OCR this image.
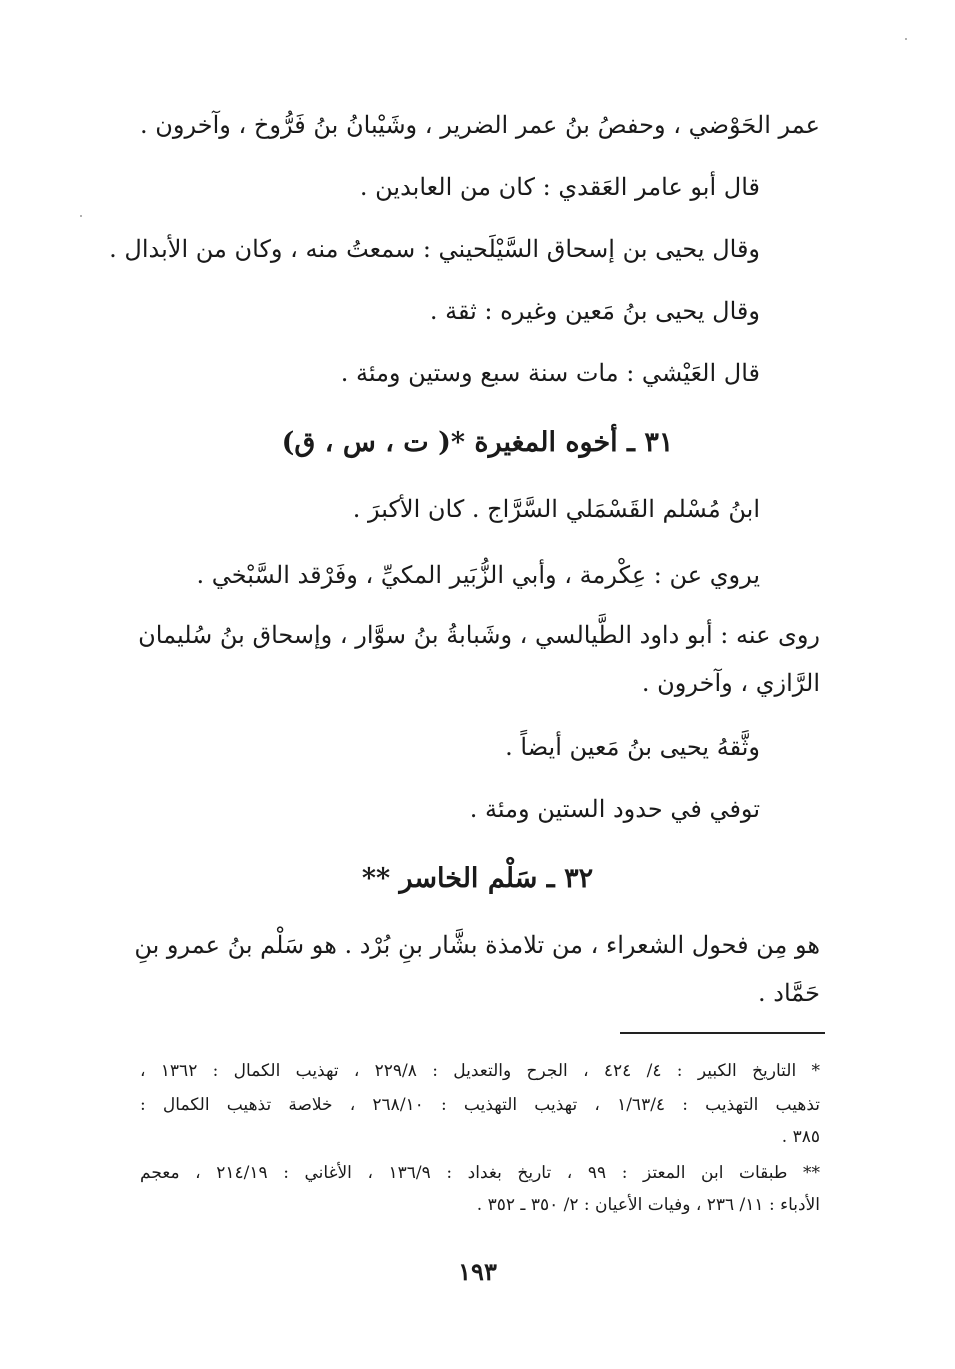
عمر الحَوْضي ، وحفصُ بنُ عمر الضرير ، وشَيْبانُ بنُ فَرُّوخ ، وآخرون .

قال أبو عامر العَقدي : كان من العابدين .

وقال يحيى بن إسحاق السَّيْلَحيني : سمعتُ منه ، وكان من الأبدال .

وقال يحيى بنُ مَعين وغيره : ثقة .

قال العَيْشي : مات سنة سبع وستين ومئة .

٣١ ـ أخوه المغيرة *( ت ، س ، ق)

ابنُ مُسْلم القَسْمَلي السَّرَّاج . كان الأكبرَ .

يروي عن : عِكْرمة ، وأبي الزُّبَير المكيِّ ، وفَرْقد السَّبْخي .

روى عنه : أبو داود الطَّيالسي ، وشَبابةُ بنُ سوَّار ، وإسحاق بنُ سُليمان

الرَّازي ، وآخرون .

وثَّقهُ يحيى بنُ مَعين أيضاً .

توفي في حدود الستين ومئة .

٣٢ ـ سَلْم الخاسر **

هو مِن فحول الشعراء ، من تلامذة بشَّار بنِ بُرْد . هو سَلْم بنُ عمرو بنِ

حَمَّاد .

* التاريخ الكبير : ٤/ ٤٢٤ ، الجرح والتعديل : ٢٢٩/٨ ، تهذيب الكمال : ١٣٦٢ ،

تذهيب التهذيب : ١/٦٣/٤ ، تهذيب التهذيب : ٢٦٨/١٠ ، خلاصة تذهيب الكمال :

٣٨٥ .

** طبقات ابن المعتز : ٩٩ ، تاريخ بغداد : ١٣٦/٩ ، الأغاني : ٢١٤/١٩ ، معجم

الأدباء : ١١/ ٢٣٦ ، وفيات الأعيان : ٢/ ٣٥٠ ـ ٣٥٢ .

١٩٣
